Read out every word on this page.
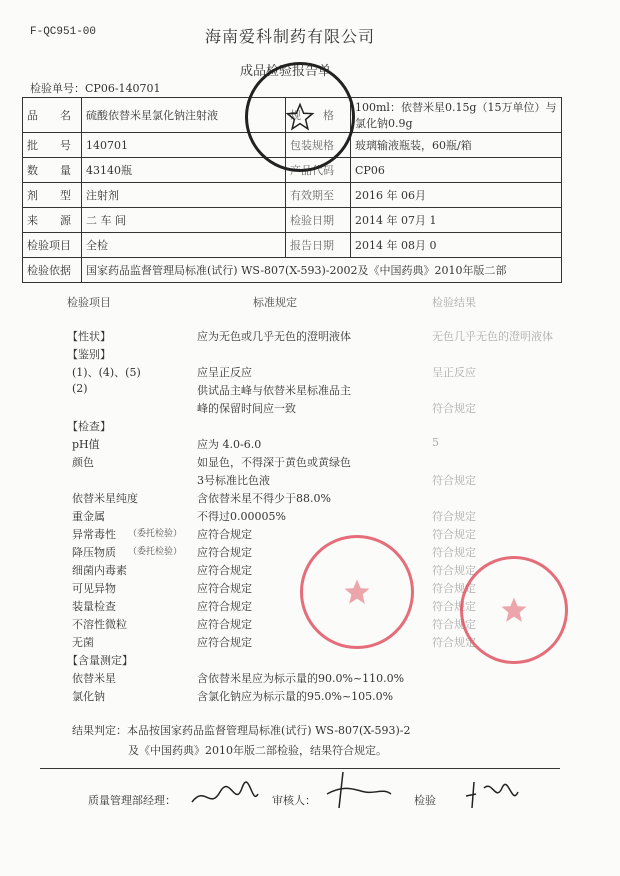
F-QC951-00	海南爱科制药有限公司
成品检验报告单
检验单号：CP06-140701
品　　名	硫酸依替米星氯化钠注射液	规　　格	100ml：依替米星0.15g（15万单位）与氯化钠0.9g
批　　号	140701	包装规格	玻璃输液瓶装，60瓶/箱
数　　量	43140瓶	产品代码	CP06
剂　　型	注射剂	有效期至	2016 年 06月
来　　源	二 车 间	检验日期	2014 年 07月 1
检验项目	全检	报告日期	2014 年 08月 0
检验依据	国家药品监督管理局标准(试行) WS-807(X-593)-2002及《中国药典》2010年版二部		
检验项目	标准规定	检验结果
【性状】	应为无色或几乎无色的澄明液体	无色几乎无色的澄明液体
【鉴别】
(1)、(4)、(5)	应呈正反应	呈正反应
(2)	供试品主峰与依替米星标准品主
峰的保留时间应一致	符合规定
【检查】
pH值	应为 4.0-6.0	5
颜色	如显色，不得深于黄色或黄绿色
3号标准比色液	符合规定
依替米星纯度	含依替米星不得少于88.0%
重金属	不得过0.00005%	符合规定
异常毒性 （委托检验） 应符合规定	符合规定
降压物质 （委托检验） 应符合规定	符合规定
细菌内毒素	应符合规定	符合规定
可见异物	应符合规定	符合规定
装量检查	应符合规定	符合规定
不溶性微粒	应符合规定	符合规定
无菌	应符合规定	符合规定
【含量测定】
依替米星	含依替米星应为标示量的90.0%~110.0%
氯化钠	含氯化钠应为标示量的95.0%~105.0%
结果判定：本品按国家药品监督管理局标准(试行) WS-807(X-593)-2
及《中国药典》2010年版二部检验，结果符合规定。
质量管理部经理：	审核人：	检验
